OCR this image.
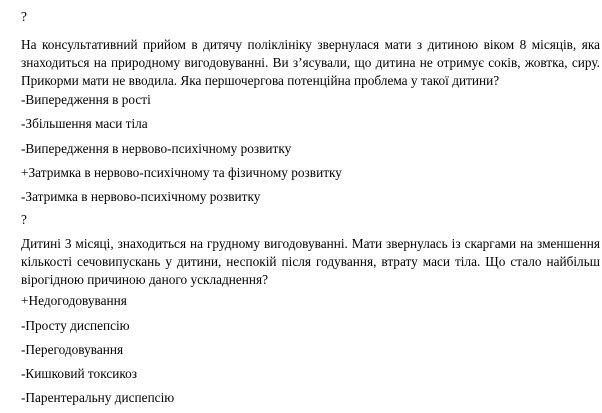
?

На консультативний прийом в дитячу поліклініку звернулася мати з дитиною віком 8 місяців, яка знаходиться на природному вигодовуванні. Ви з’ясували, що дитина не отримує соків, жовтка, сиру. Прикорми мати не вводила. Яка першочергова потенційна проблема у такої дитини?

-Випередження в рості
-Збільшення маси тіла
-Випередження в нервово-психічному розвитку
+Затримка в нервово-психічному та фізичному розвитку
-Затримка в нервово-психічному розвитку
?

Дитині 3 місяці, знаходиться на грудному вигодовуванні. Мати звернулась із скаргами на зменшення кількості сечовипускань у дитини, неспокій після годування, втрату маси тіла. Що стало найбільш вірогідною причиною даного ускладнення?

+Недогодовування
-Просту диспепсію
-Перегодовування
-Кишковий токсикоз
-Парентеральну диспепсію
